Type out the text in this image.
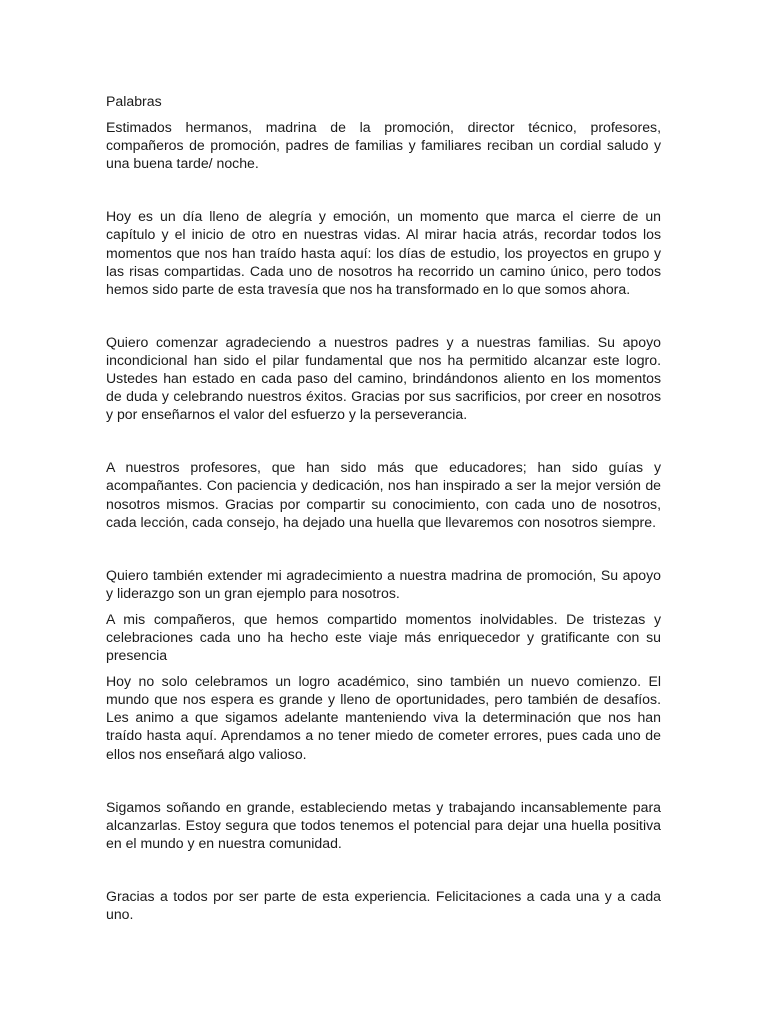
Palabras

Estimados hermanos, madrina de la promoción, director técnico, profesores, compañeros de promoción, padres de familias y familiares reciban un cordial saludo y una buena tarde/ noche.

Hoy es un día lleno de alegría y emoción, un momento que marca el cierre de un capítulo y el inicio de otro en nuestras vidas. Al mirar hacia atrás, recordar todos los momentos que nos han traído hasta aquí: los días de estudio, los proyectos en grupo y las risas compartidas. Cada uno de nosotros ha recorrido un camino único, pero todos hemos sido parte de esta travesía que nos ha transformado en lo que somos ahora.

Quiero comenzar agradeciendo a nuestros padres y a nuestras familias. Su apoyo incondicional han sido el pilar fundamental que nos ha permitido alcanzar este logro. Ustedes han estado en cada paso del camino, brindándonos aliento en los momentos de duda y celebrando nuestros éxitos. Gracias por sus sacrificios, por creer en nosotros y por enseñarnos el valor del esfuerzo y la perseverancia.

A nuestros profesores, que han sido más que educadores; han sido guías y acompañantes. Con paciencia y dedicación, nos han inspirado a ser la mejor versión de nosotros mismos. Gracias por compartir su conocimiento, con cada uno de nosotros, cada lección, cada consejo, ha dejado una huella que llevaremos con nosotros siempre.

Quiero también extender mi agradecimiento a nuestra madrina de promoción, Su apoyo y liderazgo son un gran ejemplo para nosotros.

A mis compañeros, que hemos compartido momentos inolvidables. De tristezas y celebraciones cada uno ha hecho este viaje más enriquecedor y gratificante con su presencia

Hoy no solo celebramos un logro académico, sino también un nuevo comienzo. El mundo que nos espera es grande y lleno de oportunidades, pero también de desafíos. Les animo a que sigamos adelante manteniendo viva la determinación que nos han traído hasta aquí. Aprendamos a no tener miedo de cometer errores, pues cada uno de ellos nos enseñará algo valioso.

Sigamos soñando en grande, estableciendo metas y trabajando incansablemente para alcanzarlas. Estoy segura que todos tenemos el potencial para dejar una huella positiva en el mundo y en nuestra comunidad.

Gracias a todos por ser parte de esta experiencia. Felicitaciones a cada una y a cada uno.
